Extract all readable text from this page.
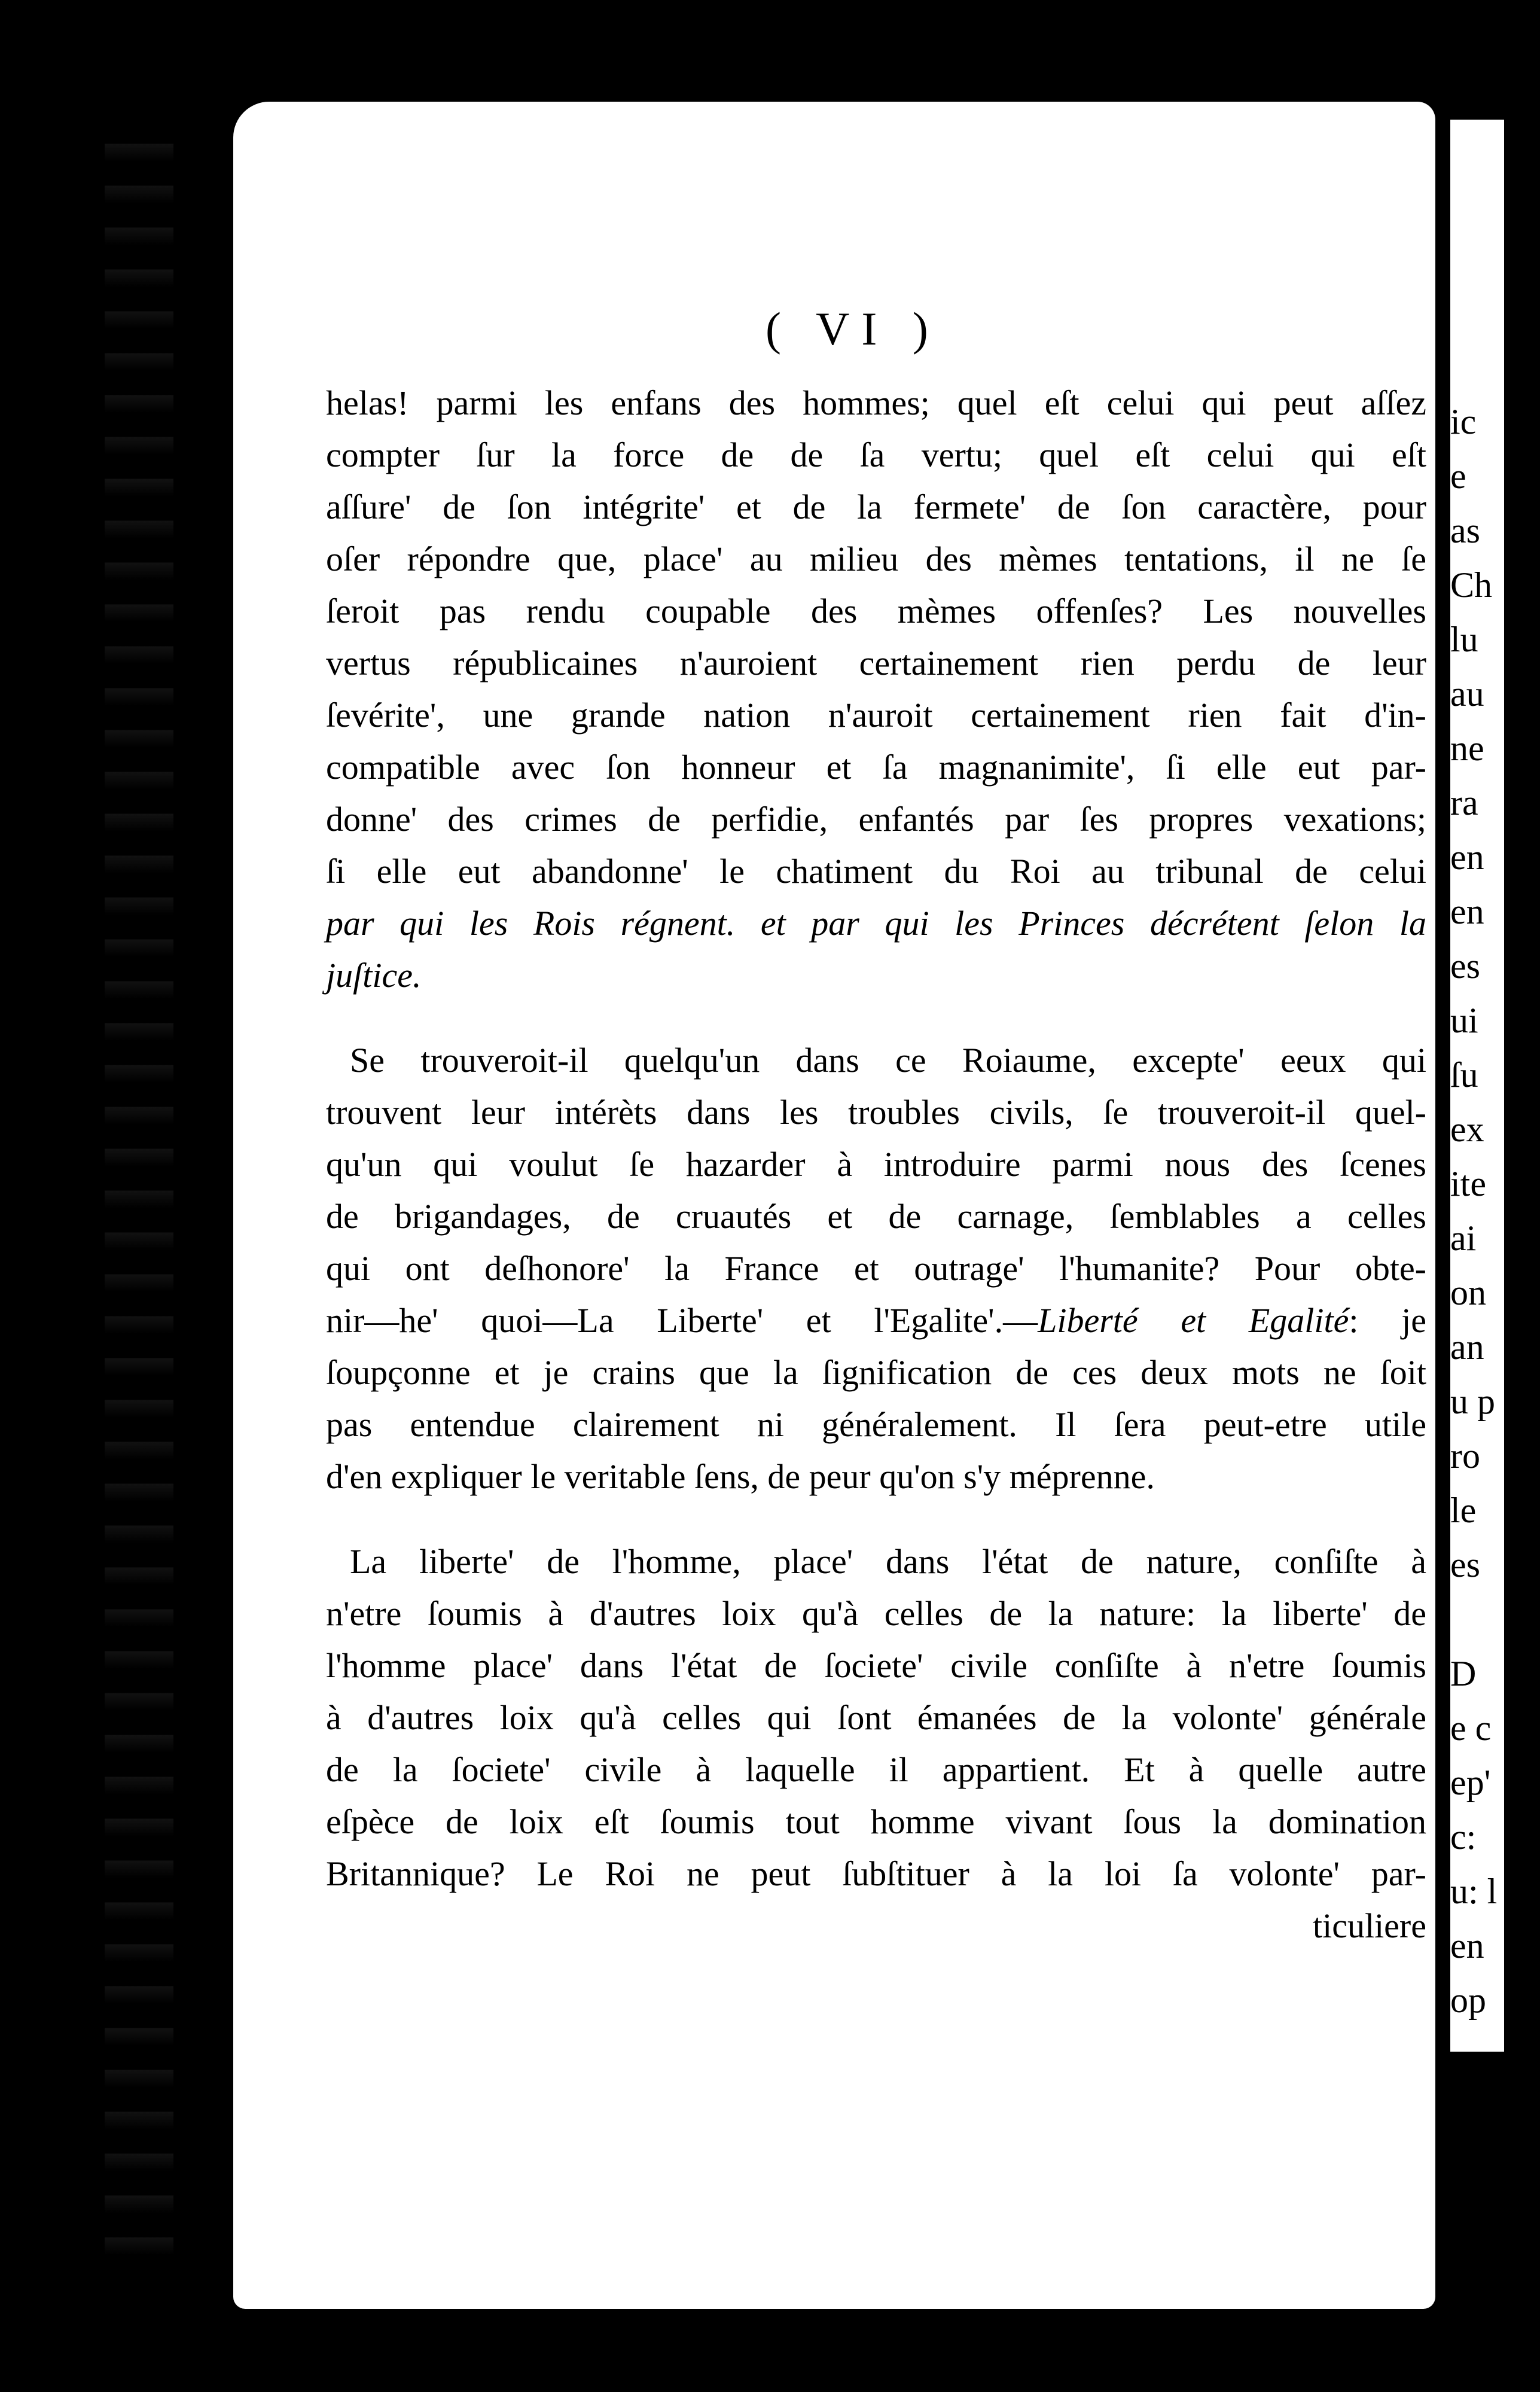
ic
e
as
Ch
lu
au
ne
ra
en
en
es
ui
ſu
ex
ite
ai
on
an
u p
ro
le
es
D
e c
ep'
c:
u: l
en
op
( VI )
helas! parmi les enfans des hommes; quel eſt celui qui peut aſſez
compter ſur la force de de ſa vertu; quel eſt celui qui eſt
aſſure' de ſon intégrite' et de la fermete' de ſon caractère, pour
oſer répondre que, place' au milieu des mèmes tentations, il ne ſe
ſeroit pas rendu coupable des mèmes offenſes? Les nouvelles
vertus républicaines n'auroient certainement rien perdu de leur
ſevérite', une grande nation n'auroit certainement rien fait d'in-
compatible avec ſon honneur et ſa magnanimite', ſi elle eut par-
donne' des crimes de perfidie, enfantés par ſes propres vexations;
ſi elle eut abandonne' le chatiment du Roi au tribunal de celui
par qui les Rois régnent. et par qui les Princes décrétent ſelon la
juſtice.
Se trouveroit-il quelqu'un dans ce Roiaume, excepte' eeux qui
trouvent leur intérèts dans les troubles civils, ſe trouveroit-il quel-
qu'un qui voulut ſe hazarder à introduire parmi nous des ſcenes
de brigandages, de cruautés et de carnage, ſemblables a celles
qui ont deſhonore' la France et outrage' l'humanite? Pour obte-
nir—he' quoi—La Liberte' et l'Egalite'.—Liberté et Egalité: je
ſoupçonne et je crains que la ſignification de ces deux mots ne ſoit
pas entendue clairement ni généralement. Il ſera peut-etre utile
d'en expliquer le veritable ſens, de peur qu'on s'y méprenne.
La liberte' de l'homme, place' dans l'état de nature, conſiſte à
n'etre ſoumis à d'autres loix qu'à celles de la nature: la liberte' de
l'homme place' dans l'état de ſociete' civile conſiſte à n'etre ſoumis
à d'autres loix qu'à celles qui ſont émanées de la volonte' générale
de la ſociete' civile à laquelle il appartient. Et à quelle autre
eſpèce de loix eſt ſoumis tout homme vivant ſous la domination
Britannique? Le Roi ne peut ſubſtituer à la loi ſa volonte' par-
ticuliere
